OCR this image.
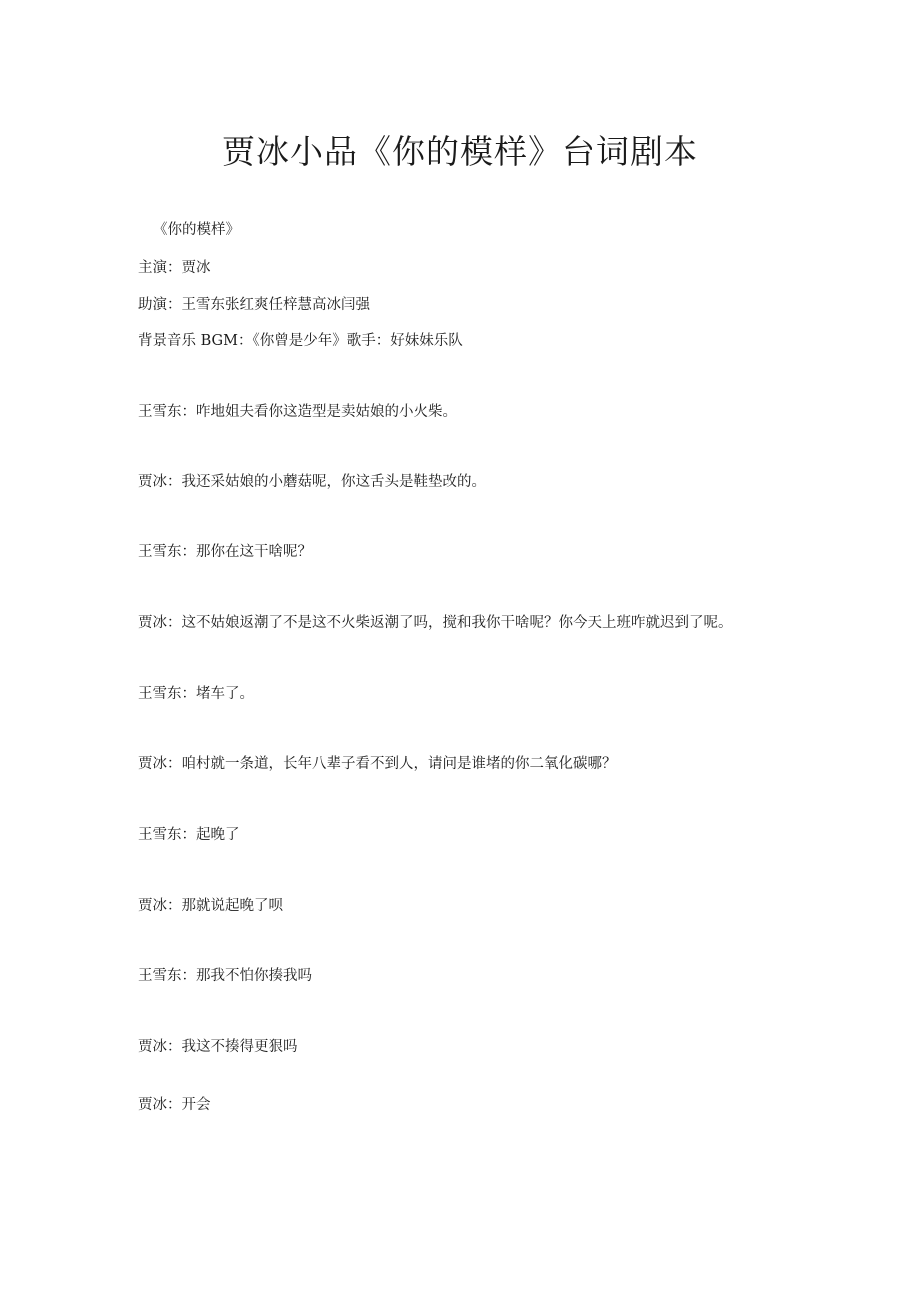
贾冰小品《你的模样》台词剧本
《你的模样》
主演：贾冰
助演：王雪东张红爽任梓慧高冰闫强
背景音乐 BGM：《你曾是少年》歌手：好妹妹乐队
王雪东：咋地姐夫看你这造型是卖姑娘的小火柴。
贾冰：我还采姑娘的小蘑菇呢，你这舌头是鞋垫改的。
王雪东：那你在这干啥呢？
贾冰：这不姑娘返潮了不是这不火柴返潮了吗，搅和我你干啥呢？你今天上班咋就迟到了呢。
王雪东：堵车了。
贾冰：咱村就一条道，长年八辈子看不到人，请问是谁堵的你二氧化碳哪？
王雪东：起晚了
贾冰：那就说起晚了呗
王雪东：那我不怕你揍我吗
贾冰：我这不揍得更狠吗
贾冰：开会
